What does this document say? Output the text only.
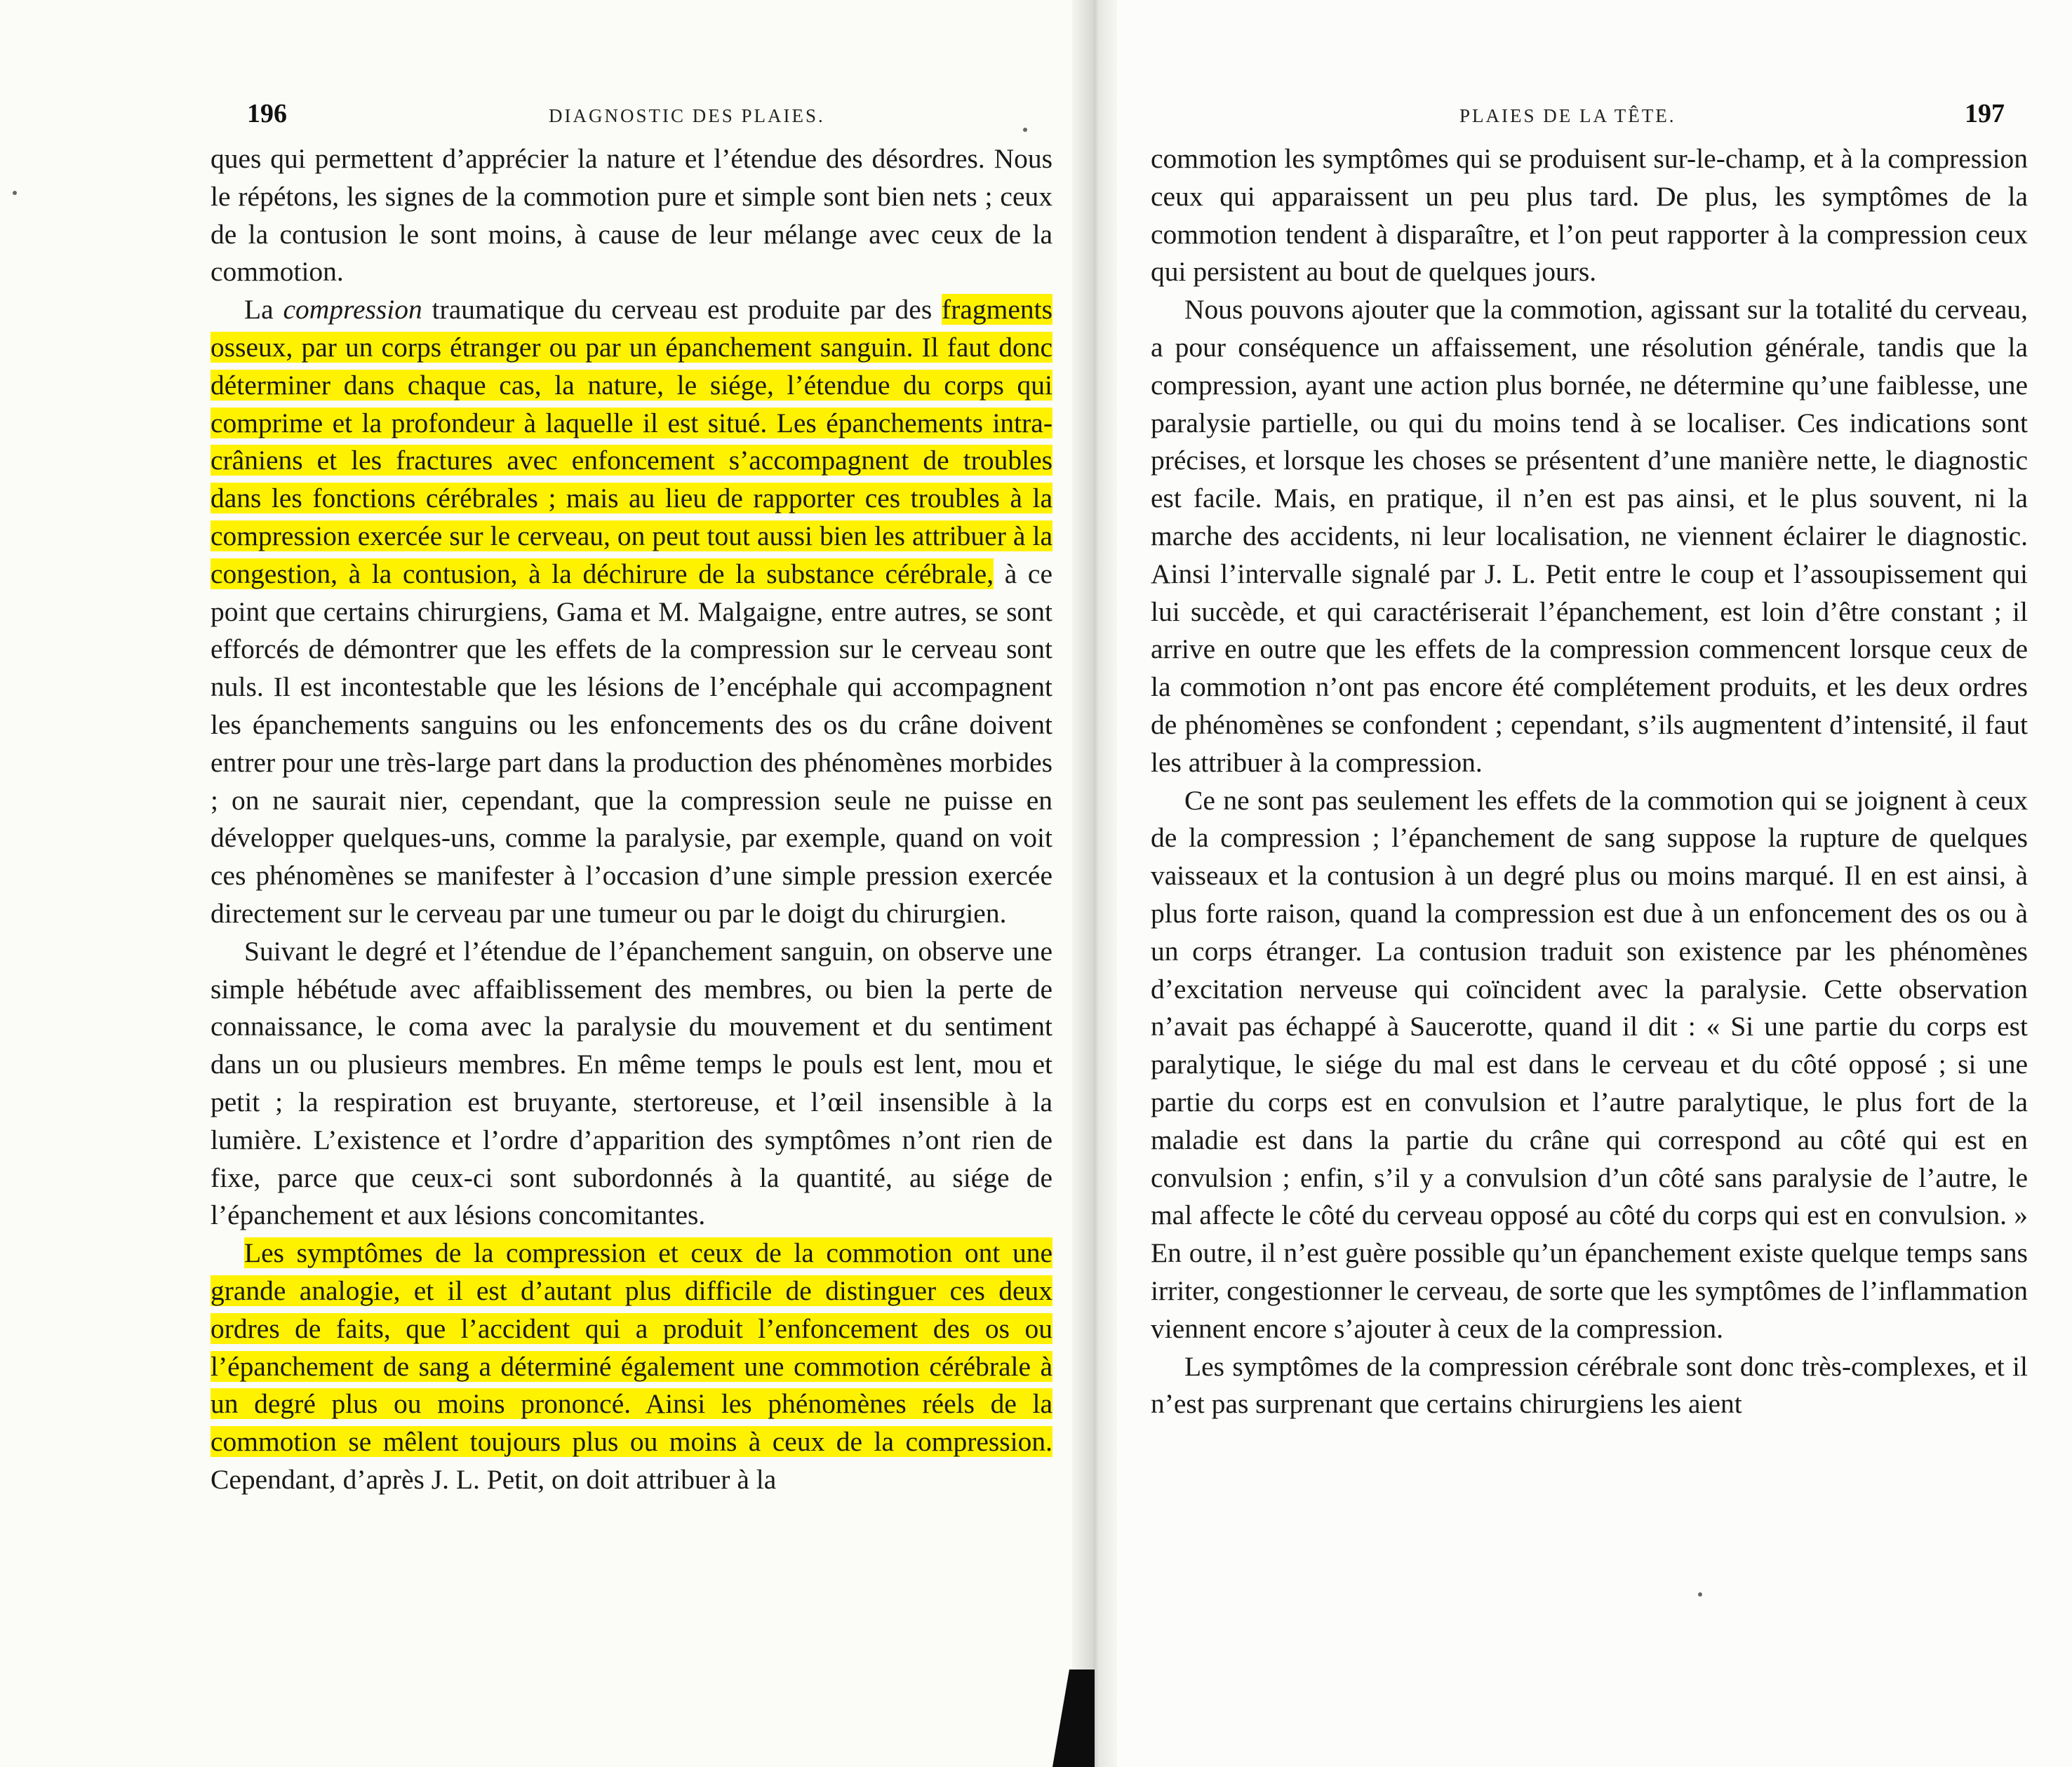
196	DIAGNOSTIC DES PLAIES.

ques qui permettent d’apprécier la nature et l’étendue des désordres. Nous le répétons, les signes de la commotion pure et simple sont bien nets ; ceux de la contusion le sont moins, à cause de leur mélange avec ceux de la commotion.

La compression traumatique du cerveau est produite par des fragments osseux, par un corps étranger ou par un épanchement sanguin. Il faut donc déterminer dans chaque cas, la nature, le siége, l’étendue du corps qui comprime et la profondeur à laquelle il est situé. Les épanchements intra-crâniens et les fractures avec enfoncement s’accompagnent de troubles dans les fonctions cérébrales ; mais au lieu de rapporter ces troubles à la compression exercée sur le cerveau, on peut tout aussi bien les attribuer à la congestion, à la contusion, à la déchirure de la substance cérébrale, à ce point que certains chirurgiens, Gama et M. Malgaigne, entre autres, se sont efforcés de démontrer que les effets de la compression sur le cerveau sont nuls. Il est incontestable que les lésions de l’encéphale qui accompagnent les épanchements sanguins ou les enfoncements des os du crâne doivent entrer pour une très-large part dans la production des phénomènes morbides ; on ne saurait nier, cependant, que la compression seule ne puisse en développer quelques-uns, comme la paralysie, par exemple, quand on voit ces phénomènes se manifester à l’occasion d’une simple pression exercée directement sur le cerveau par une tumeur ou par le doigt du chirurgien.

Suivant le degré et l’étendue de l’épanchement sanguin, on observe une simple hébétude avec affaiblissement des membres, ou bien la perte de connaissance, le coma avec la paralysie du mouvement et du sentiment dans un ou plusieurs membres. En même temps le pouls est lent, mou et petit ; la respiration est bruyante, stertoreuse, et l’œil insensible à la lumière. L’existence et l’ordre d’apparition des symptômes n’ont rien de fixe, parce que ceux-ci sont subordonnés à la quantité, au siége de l’épanchement et aux lésions concomitantes.

Les symptômes de la compression et ceux de la commotion ont une grande analogie, et il est d’autant plus difficile de distinguer ces deux ordres de faits, que l’accident qui a produit l’enfoncement des os ou l’épanchement de sang a déterminé également une commotion cérébrale à un degré plus ou moins prononcé. Ainsi les phénomènes réels de la commotion se mêlent toujours plus ou moins à ceux de la compression. Cependant, d’après J. L. Petit, on doit attribuer à la

PLAIES DE LA TÊTE.	197

commotion les symptômes qui se produisent sur-le-champ, et à la compression ceux qui apparaissent un peu plus tard. De plus, les symptômes de la commotion tendent à disparaître, et l’on peut rapporter à la compression ceux qui persistent au bout de quelques jours.

Nous pouvons ajouter que la commotion, agissant sur la totalité du cerveau, a pour conséquence un affaissement, une résolution générale, tandis que la compression, ayant une action plus bornée, ne détermine qu’une faiblesse, une paralysie partielle, ou qui du moins tend à se localiser. Ces indications sont précises, et lorsque les choses se présentent d’une manière nette, le diagnostic est facile. Mais, en pratique, il n’en est pas ainsi, et le plus souvent, ni la marche des accidents, ni leur localisation, ne viennent éclairer le diagnostic. Ainsi l’intervalle signalé par J. L. Petit entre le coup et l’assoupissement qui lui succède, et qui caractériserait l’épanchement, est loin d’être constant ; il arrive en outre que les effets de la compression commencent lorsque ceux de la commotion n’ont pas encore été complétement produits, et les deux ordres de phénomènes se confondent ; cependant, s’ils augmentent d’intensité, il faut les attribuer à la compression.

Ce ne sont pas seulement les effets de la commotion qui se joignent à ceux de la compression ; l’épanchement de sang suppose la rupture de quelques vaisseaux et la contusion à un degré plus ou moins marqué. Il en est ainsi, à plus forte raison, quand la compression est due à un enfoncement des os ou à un corps étranger. La contusion traduit son existence par les phénomènes d’excitation nerveuse qui coïncident avec la paralysie. Cette observation n’avait pas échappé à Saucerotte, quand il dit : « Si une partie du corps est paralytique, le siége du mal est dans le cerveau et du côté opposé ; si une partie du corps est en convulsion et l’autre paralytique, le plus fort de la maladie est dans la partie du crâne qui correspond au côté qui est en convulsion ; enfin, s’il y a convulsion d’un côté sans paralysie de l’autre, le mal affecte le côté du cerveau opposé au côté du corps qui est en convulsion. » En outre, il n’est guère possible qu’un épanchement existe quelque temps sans irriter, congestionner le cerveau, de sorte que les symptômes de l’inflammation viennent encore s’ajouter à ceux de la compression.

Les symptômes de la compression cérébrale sont donc très-complexes, et il n’est pas surprenant que certains chirurgiens les aient
